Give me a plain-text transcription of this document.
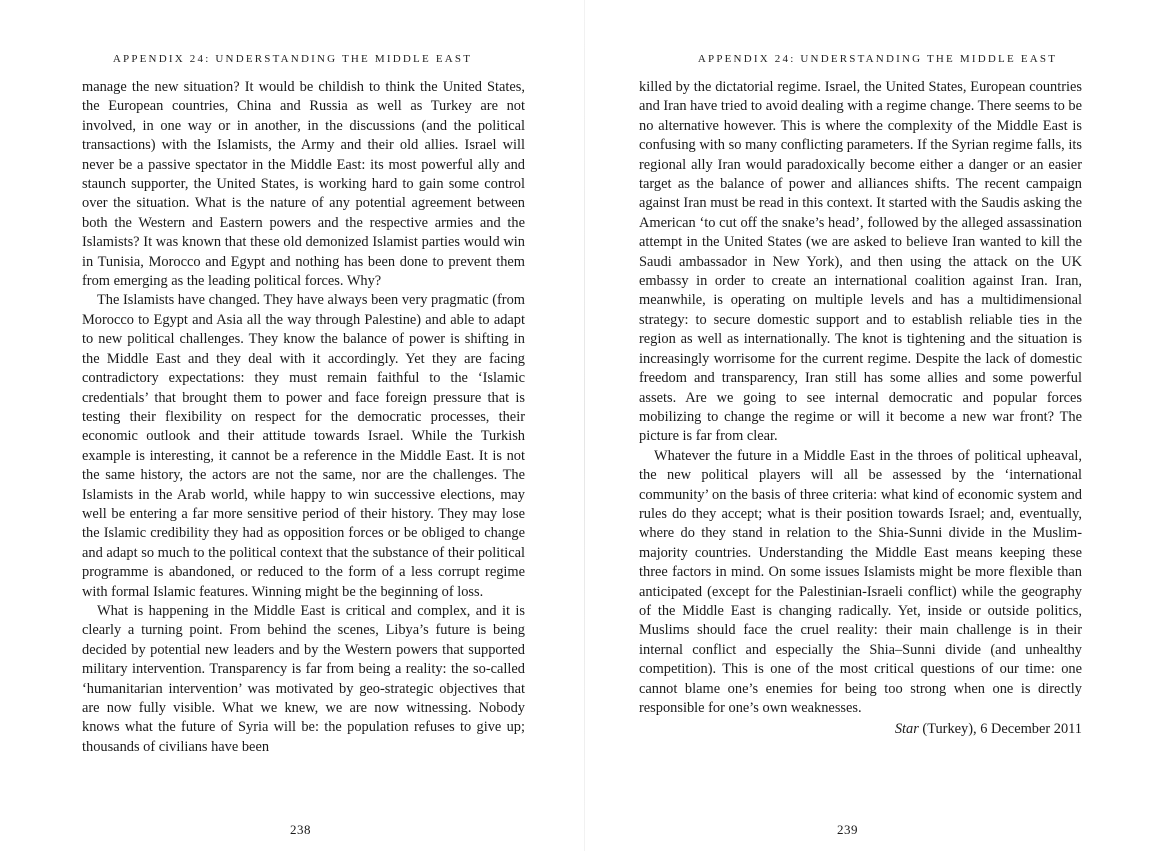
APPENDIX 24: UNDERSTANDING THE MIDDLE EAST

manage the new situation? It would be childish to think the United States, the European countries, China and Russia as well as Turkey are not involved, in one way or in another, in the discussions (and the political transactions) with the Islamists, the Army and their old allies. Israel will never be a passive spectator in the Middle East: its most powerful ally and staunch supporter, the United States, is working hard to gain some control over the situation. What is the nature of any potential agreement between both the Western and Eastern powers and the respective armies and the Islamists? It was known that these old demonized Islamist parties would win in Tunisia, Morocco and Egypt and nothing has been done to prevent them from emerging as the leading political forces. Why?

The Islamists have changed. They have always been very pragmatic (from Morocco to Egypt and Asia all the way through Palestine) and able to adapt to new political challenges. They know the balance of power is shifting in the Middle East and they deal with it accordingly. Yet they are facing contradictory expectations: they must remain faithful to the ‘Islamic credentials’ that brought them to power and face foreign pressure that is testing their flexibility on respect for the democratic processes, their economic outlook and their attitude towards Israel. While the Turkish example is interesting, it cannot be a reference in the Middle East. It is not the same history, the actors are not the same, nor are the challenges. The Islamists in the Arab world, while happy to win successive elections, may well be entering a far more sensitive period of their history. They may lose the Islamic credibility they had as opposition forces or be obliged to change and adapt so much to the political context that the substance of their political programme is abandoned, or reduced to the form of a less corrupt regime with formal Islamic features. Winning might be the beginning of loss.

What is happening in the Middle East is critical and complex, and it is clearly a turning point. From behind the scenes, Libya’s future is being decided by potential new leaders and by the Western powers that supported military intervention. Transparency is far from being a reality: the so-called ‘humanitarian intervention’ was motivated by geo-strategic objectives that are now fully visible. What we knew, we are now witnessing. Nobody knows what the future of Syria will be: the population refuses to give up; thousands of civilians have been

238
APPENDIX 24: UNDERSTANDING THE MIDDLE EAST

killed by the dictatorial regime. Israel, the United States, European countries and Iran have tried to avoid dealing with a regime change. There seems to be no alternative however. This is where the complexity of the Middle East is confusing with so many conflicting parameters. If the Syrian regime falls, its regional ally Iran would paradoxically become either a danger or an easier target as the balance of power and alliances shifts. The recent campaign against Iran must be read in this context. It started with the Saudis asking the American ‘to cut off the snake’s head’, followed by the alleged assassination attempt in the United States (we are asked to believe Iran wanted to kill the Saudi ambassador in New York), and then using the attack on the UK embassy in order to create an international coalition against Iran. Iran, meanwhile, is operating on multiple levels and has a multidimensional strategy: to secure domestic support and to establish reliable ties in the region as well as internationally. The knot is tightening and the situation is increasingly worrisome for the current regime. Despite the lack of domestic freedom and transparency, Iran still has some allies and some powerful assets. Are we going to see internal democratic and popular forces mobilizing to change the regime or will it become a new war front? The picture is far from clear.

Whatever the future in a Middle East in the throes of political upheaval, the new political players will all be assessed by the ‘international community’ on the basis of three criteria: what kind of economic system and rules do they accept; what is their position towards Israel; and, eventually, where do they stand in relation to the Shia-Sunni divide in the Muslim-majority countries. Understanding the Middle East means keeping these three factors in mind. On some issues Islamists might be more flexible than anticipated (except for the Palestinian-Israeli conflict) while the geography of the Middle East is changing radically. Yet, inside or outside politics, Muslims should face the cruel reality: their main challenge is in their internal conflict and especially the Shia–Sunni divide (and unhealthy competition). This is one of the most critical questions of our time: one cannot blame one’s enemies for being too strong when one is directly responsible for one’s own weaknesses.

Star (Turkey), 6 December 2011

239
